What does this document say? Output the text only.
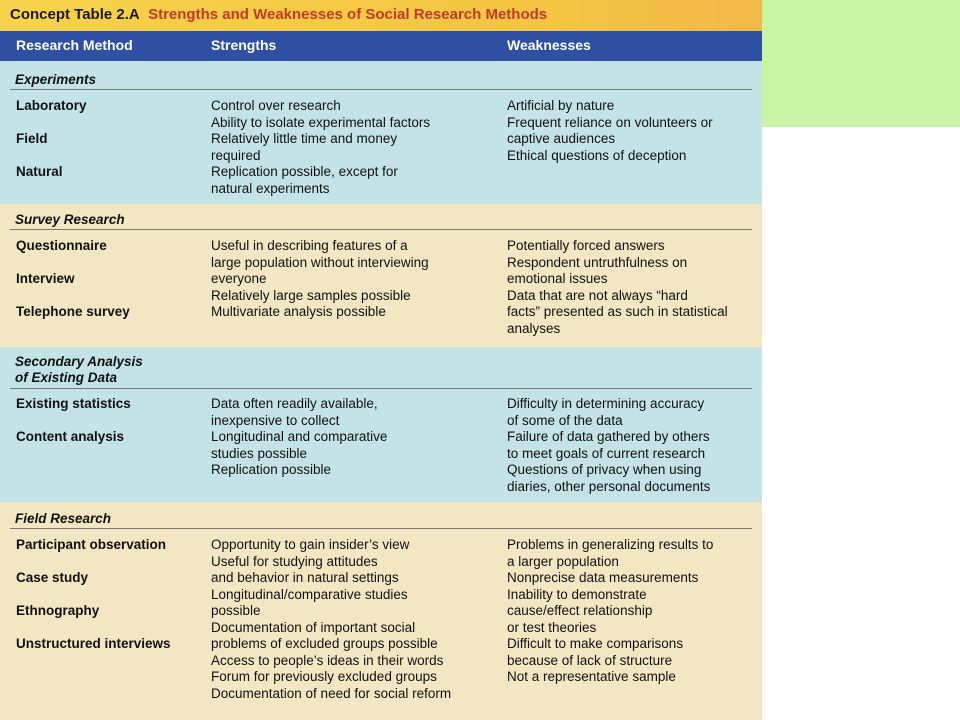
Concept Table 2.A Strengths and Weaknesses of Social Research Methods
Research Method	Strengths	Weaknesses
Experiments
Laboratory
Field
Natural
Control over research
Ability to isolate experimental factors
Relatively little time and money
required
Replication possible, except for
natural experiments
Artificial by nature
Frequent reliance on volunteers or
captive audiences
Ethical questions of deception
Survey Research
Questionnaire
Interview
Telephone survey
Useful in describing features of a
large population without interviewing
everyone
Relatively large samples possible
Multivariate analysis possible
Potentially forced answers
Respondent untruthfulness on
emotional issues
Data that are not always “hard
facts” presented as such in statistical
analyses
Secondary Analysis
of Existing Data
Existing statistics
Content analysis
Data often readily available,
inexpensive to collect
Longitudinal and comparative
studies possible
Replication possible
Difficulty in determining accuracy
of some of the data
Failure of data gathered by others
to meet goals of current research
Questions of privacy when using
diaries, other personal documents
Field Research
Participant observation
Case study
Ethnography
Unstructured interviews
Opportunity to gain insider’s view
Useful for studying attitudes
and behavior in natural settings
Longitudinal/comparative studies
possible
Documentation of important social
problems of excluded groups possible
Access to people’s ideas in their words
Forum for previously excluded groups
Documentation of need for social reform
Problems in generalizing results to
a larger population
Nonprecise data measurements
Inability to demonstrate
cause/effect relationship
or test theories
Difficult to make comparisons
because of lack of structure
Not a representative sample
